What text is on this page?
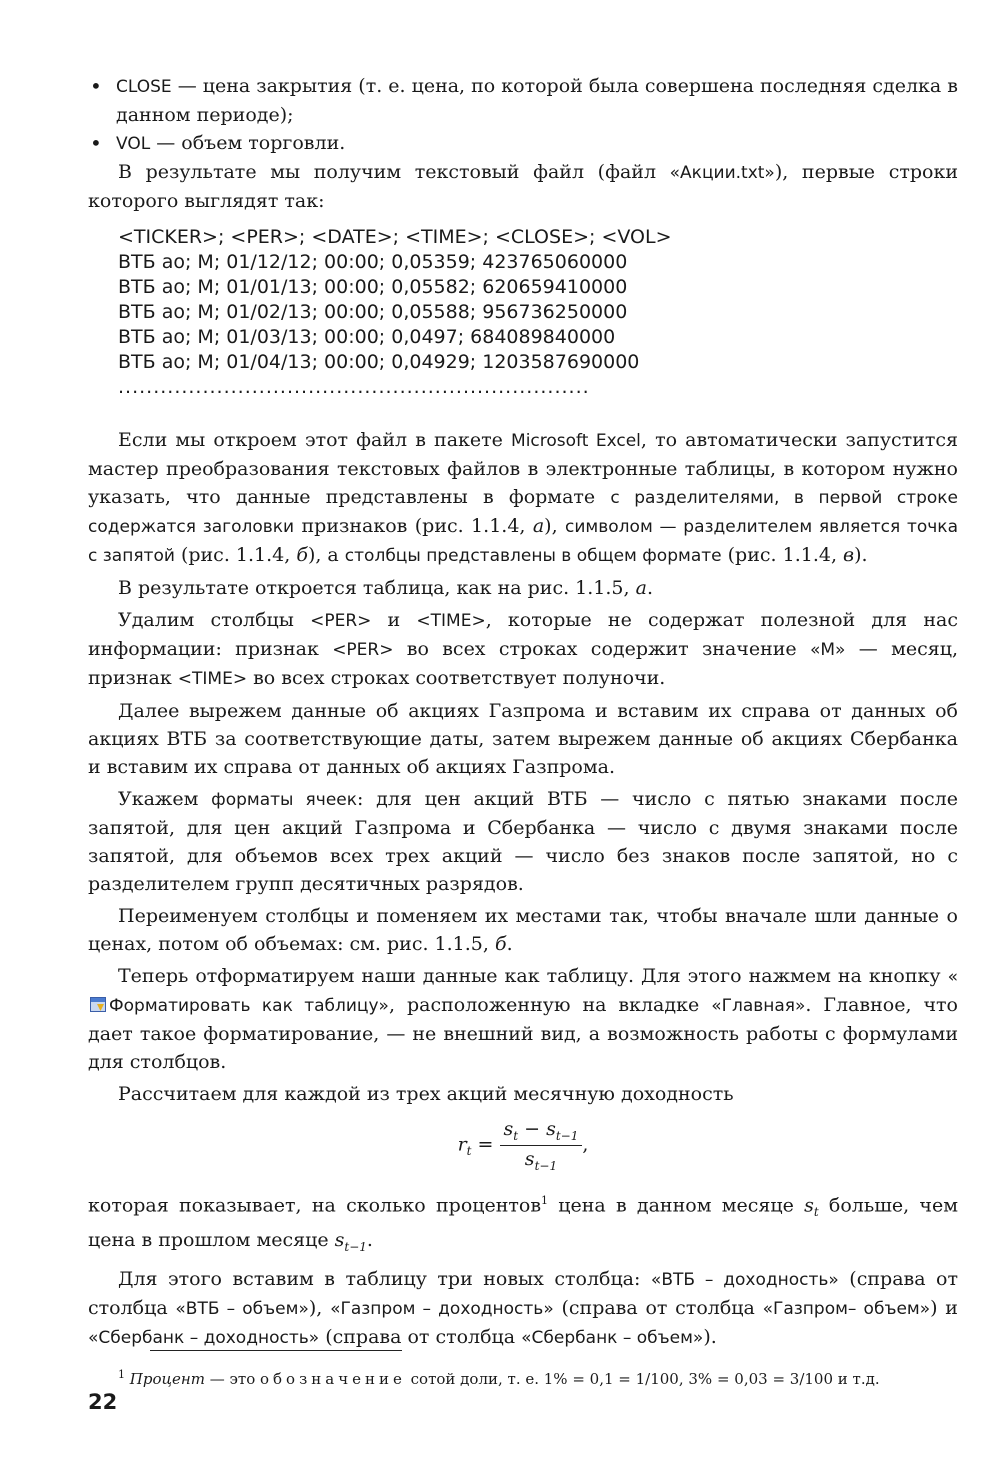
• CLOSE — цена закрытия (т. е. цена, по которой была совершена последняя сделка в данном периоде);
• VOL — объем торговли.

В результате мы получим текстовый файл (файл «Акции.txt»), первые строки которого выглядят так:

<TICKER>; <PER>; <DATE>; <TIME>; <CLOSE>; <VOL>
ВТБ ао; M; 01/12/12; 00:00; 0,05359; 423765060000
ВТБ ао; M; 01/01/13; 00:00; 0,05582; 620659410000
ВТБ ао; M; 01/02/13; 00:00; 0,05588; 956736250000
ВТБ ао; M; 01/03/13; 00:00; 0,0497; 684089840000
ВТБ ао; M; 01/04/13; 00:00; 0,04929; 1203587690000
...................................................................

Если мы откроем этот файл в пакете Microsoft Excel, то автоматически запустится мастер преобразования текстовых файлов в электронные таблицы, в котором нужно указать, что данные представлены в формате с разделителями, в первой строке содержатся заголовки признаков (рис. 1.1.4, а), символом — разделителем является точка с запятой (рис. 1.1.4, б), а столбцы представлены в общем формате (рис. 1.1.4, в).

В результате откроется таблица, как на рис. 1.1.5, а.

Удалим столбцы <PER> и <TIME>, которые не содержат полезной для нас информации: признак <PER> во всех строках содержит значение «M» — месяц, признак <TIME> во всех строках соответствует полуночи.

Далее вырежем данные об акциях Газпрома и вставим их справа от данных об акциях ВТБ за соответствующие даты, затем вырежем данные об акциях Сбербанка и вставим их справа от данных об акциях Газпрома.

Укажем форматы ячеек: для цен акций ВТБ — число с пятью знаками после запятой, для цен акций Газпрома и Сбербанка — число с двумя знаками после запятой, для объемов всех трех акций — число без знаков после запятой, но с разделителем групп десятичных разрядов.

Переименуем столбцы и поменяем их местами так, чтобы вначале шли данные о ценах, потом об объемах: см. рис. 1.1.5, б.

Теперь отформатируем наши данные как таблицу. Для этого нажмем на кнопку «Форматировать как таблицу», расположенную на вкладке «Главная». Главное, что дает такое форматирование, — не внешний вид, а возможность работы с формулами для столбцов.

Рассчитаем для каждой из трех акций месячную доходность

$r_t = \frac{s_t - s_{t-1}}{s_{t-1}}$ ,

которая показывает, на сколько процентов$^1$ цена в данном месяце $s_t$ больше, чем цена в прошлом месяце $s_{t-1}$.

Для этого вставим в таблицу три новых столбца: «ВТБ – доходность» (справа от столбца «ВТБ – объем»), «Газпром – доходность» (справа от столбца «Газпром– объем») и «Сбербанк – доходность» (справа от столбца «Сбербанк – объем»).

$^1$ Процент — это обозначение сотой доли, т. е. 1% = 0,1 = 1/100, 3% = 0,03 = 3/100 и т.д.
22
